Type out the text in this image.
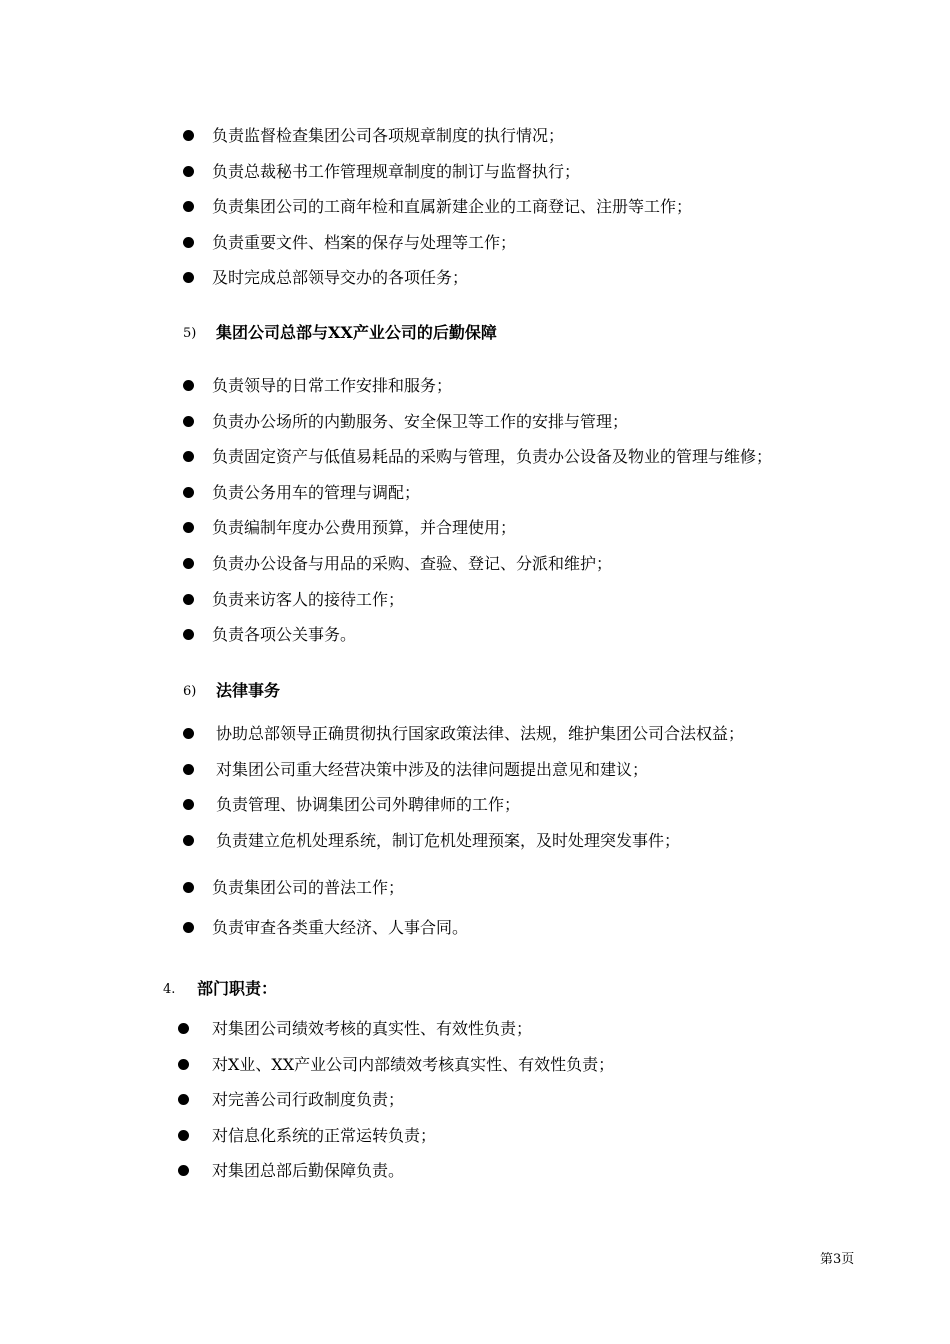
负责监督检查集团公司各项规章制度的执行情况；
负责总裁秘书工作管理规章制度的制订与监督执行；
负责集团公司的工商年检和直属新建企业的工商登记、注册等工作；
负责重要文件、档案的保存与处理等工作；
及时完成总部领导交办的各项任务；
5) 集团公司总部与XX产业公司的后勤保障
负责领导的日常工作安排和服务；
负责办公场所的内勤服务、安全保卫等工作的安排与管理；
负责固定资产与低值易耗品的采购与管理，负责办公设备及物业的管理与维修；
负责公务用车的管理与调配；
负责编制年度办公费用预算，并合理使用；
负责办公设备与用品的采购、查验、登记、分派和维护；
负责来访客人的接待工作；
负责各项公关事务。
6) 法律事务
协助总部领导正确贯彻执行国家政策法律、法规，维护集团公司合法权益；
对集团公司重大经营决策中涉及的法律问题提出意见和建议；
负责管理、协调集团公司外聘律师的工作；
负责建立危机处理系统，制订危机处理预案，及时处理突发事件；
负责集团公司的普法工作；
负责审查各类重大经济、人事合同。
4. 部门职责：
对集团公司绩效考核的真实性、有效性负责；
对X业、XX产业公司内部绩效考核真实性、有效性负责；
对完善公司行政制度负责；
对信息化系统的正常运转负责；
对集团总部后勤保障负责。
第3页
